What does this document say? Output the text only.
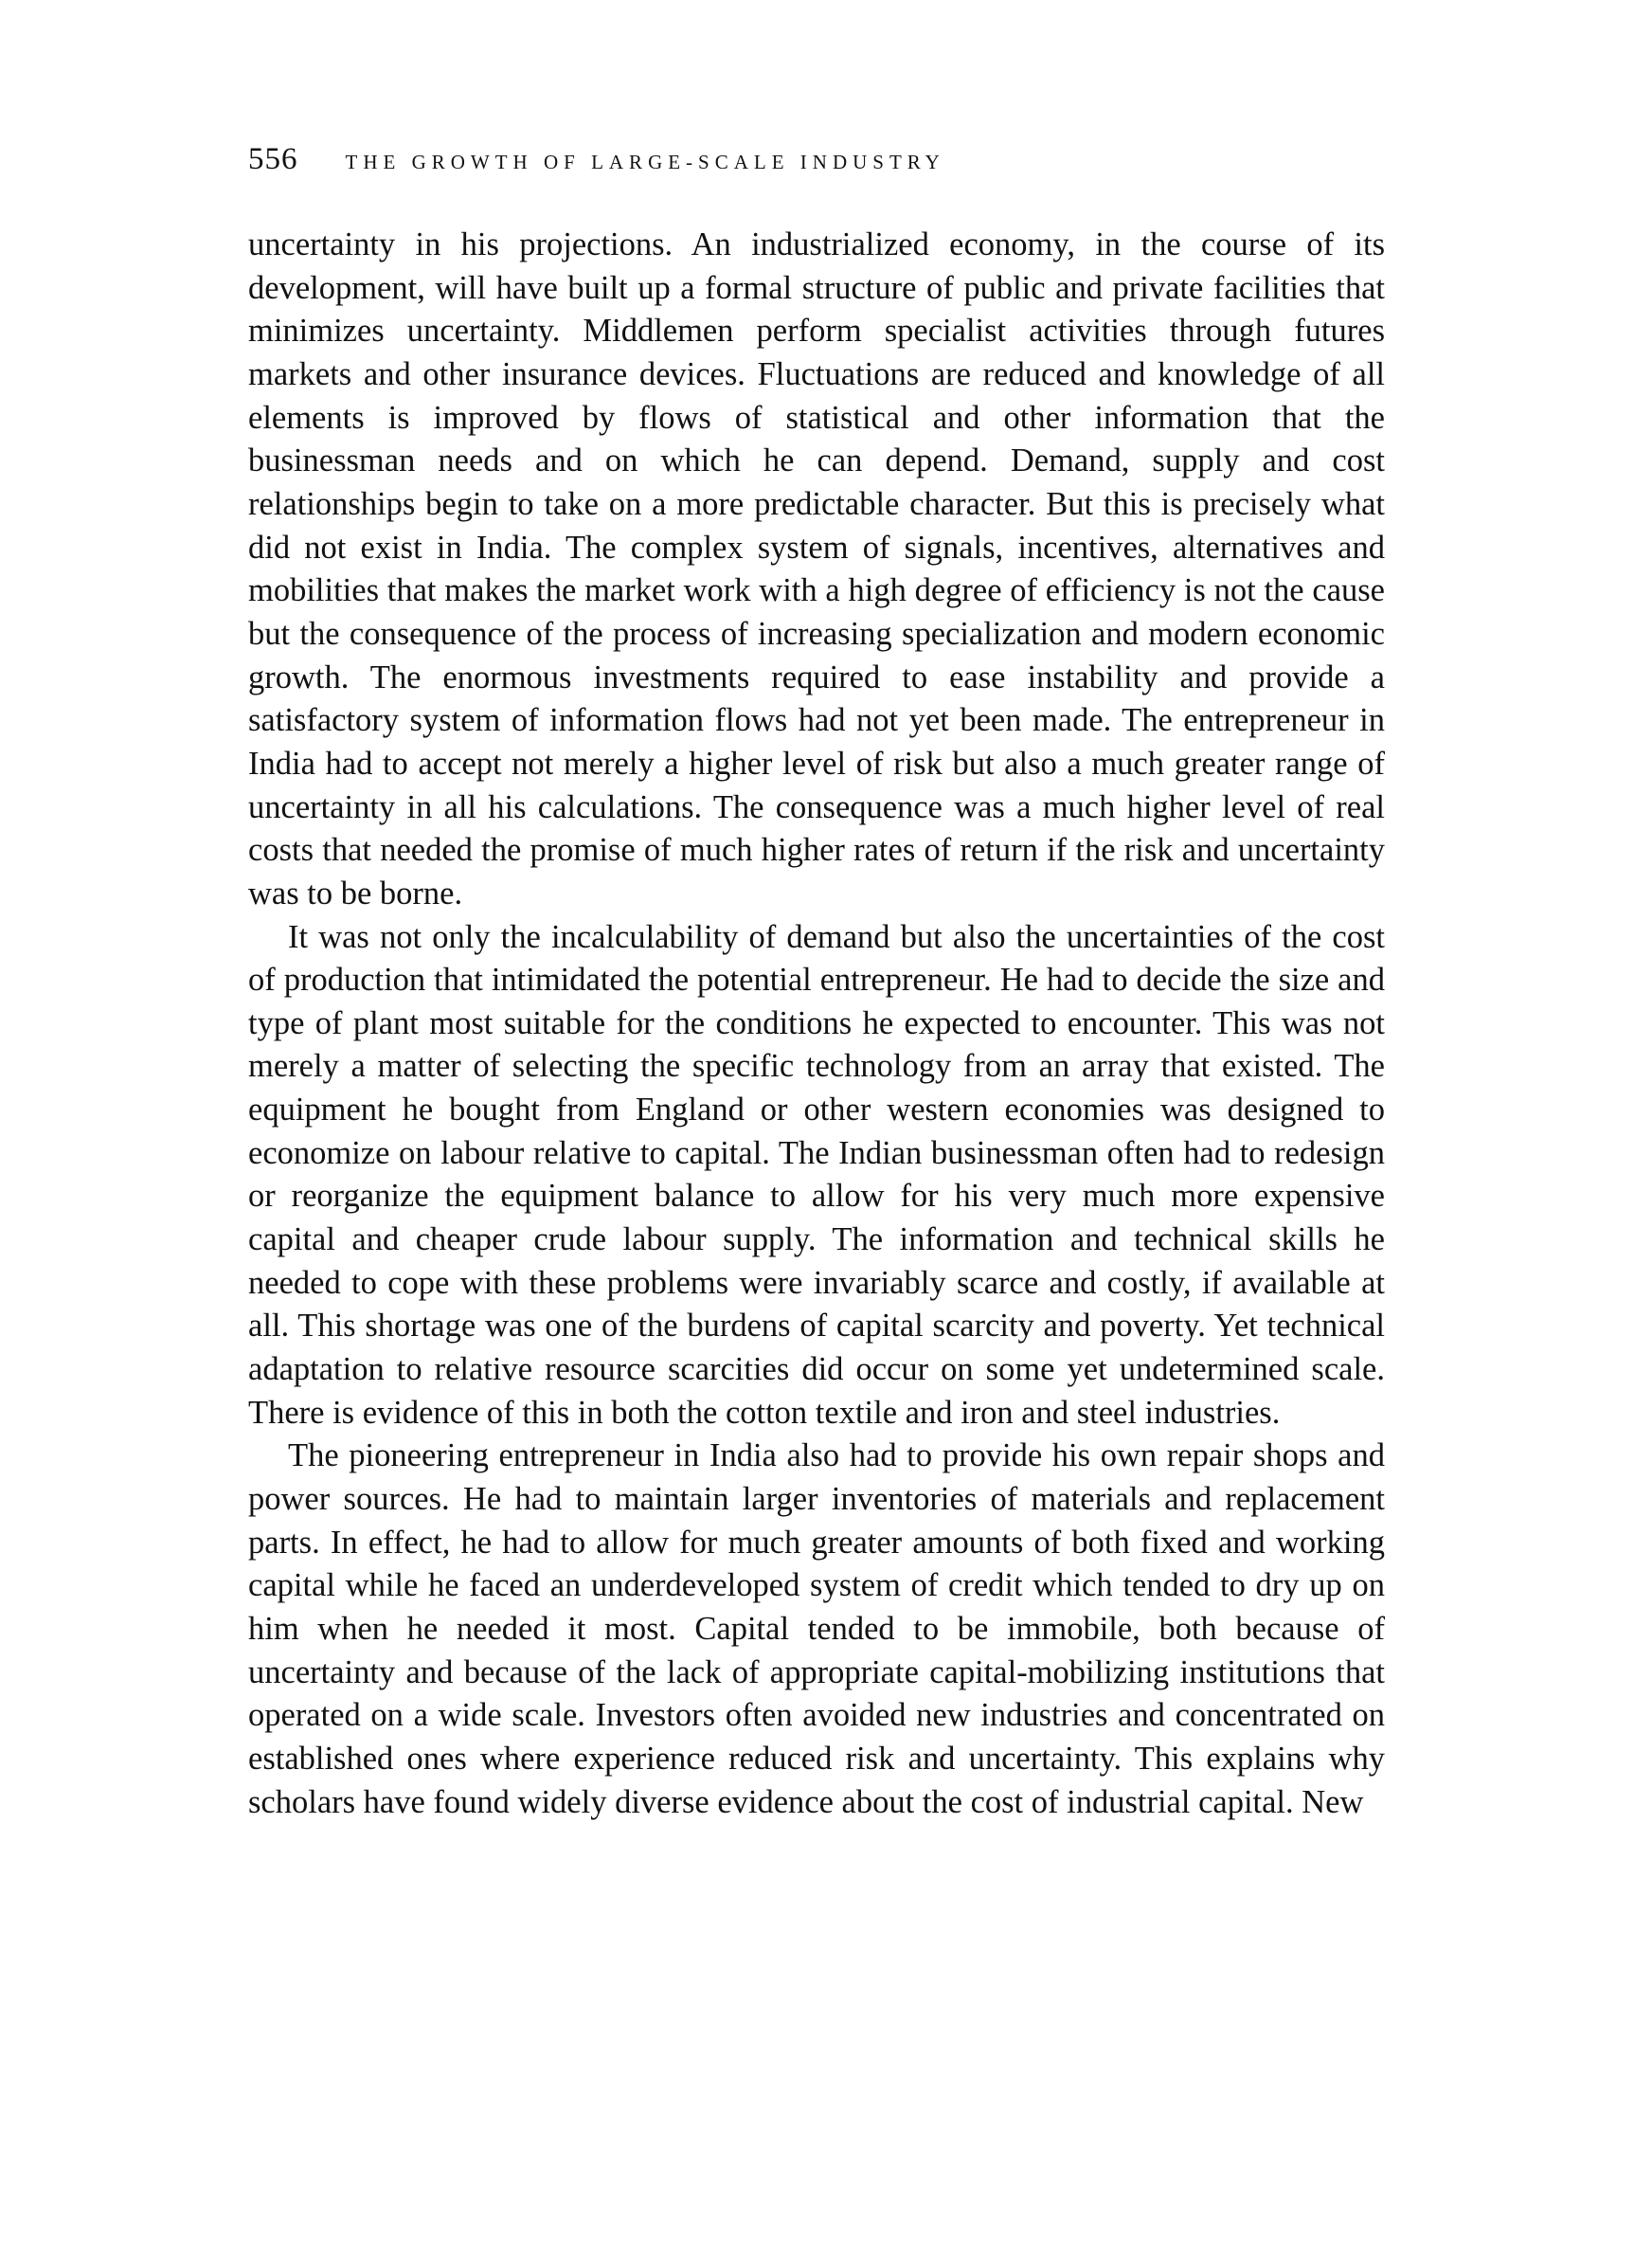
556 THE GROWTH OF LARGE-SCALE INDUSTRY

uncertainty in his projections. An industrialized economy, in the course of its development, will have built up a formal structure of public and private facilities that minimizes uncertainty. Middlemen perform specialist activities through futures markets and other insurance devices. Fluctuations are reduced and knowledge of all elements is improved by flows of statistical and other information that the businessman needs and on which he can depend. Demand, supply and cost relationships begin to take on a more predictable character. But this is precisely what did not exist in India. The complex system of signals, incentives, alternatives and mobilities that makes the market work with a high degree of efficiency is not the cause but the consequence of the process of increasing specialization and modern economic growth. The enormous investments required to ease instability and provide a satisfactory system of information flows had not yet been made. The entrepreneur in India had to accept not merely a higher level of risk but also a much greater range of uncertainty in all his calculations. The consequence was a much higher level of real costs that needed the promise of much higher rates of return if the risk and uncertainty was to be borne.

It was not only the incalculability of demand but also the uncertainties of the cost of production that intimidated the potential entrepreneur. He had to decide the size and type of plant most suitable for the conditions he expected to encounter. This was not merely a matter of selecting the specific technology from an array that existed. The equipment he bought from England or other western economies was designed to economize on labour relative to capital. The Indian businessman often had to redesign or reorganize the equipment balance to allow for his very much more expensive capital and cheaper crude labour supply. The information and technical skills he needed to cope with these problems were invariably scarce and costly, if available at all. This shortage was one of the burdens of capital scarcity and poverty. Yet technical adaptation to relative resource scarcities did occur on some yet undetermined scale. There is evidence of this in both the cotton textile and iron and steel industries.

The pioneering entrepreneur in India also had to provide his own repair shops and power sources. He had to maintain larger inventories of materials and replacement parts. In effect, he had to allow for much greater amounts of both fixed and working capital while he faced an underdeveloped system of credit which tended to dry up on him when he needed it most. Capital tended to be immobile, both because of uncertainty and because of the lack of appropriate capital-mobilizing institutions that operated on a wide scale. Investors often avoided new industries and concentrated on established ones where experience reduced risk and uncertainty. This explains why scholars have found widely diverse evidence about the cost of industrial capital. New
